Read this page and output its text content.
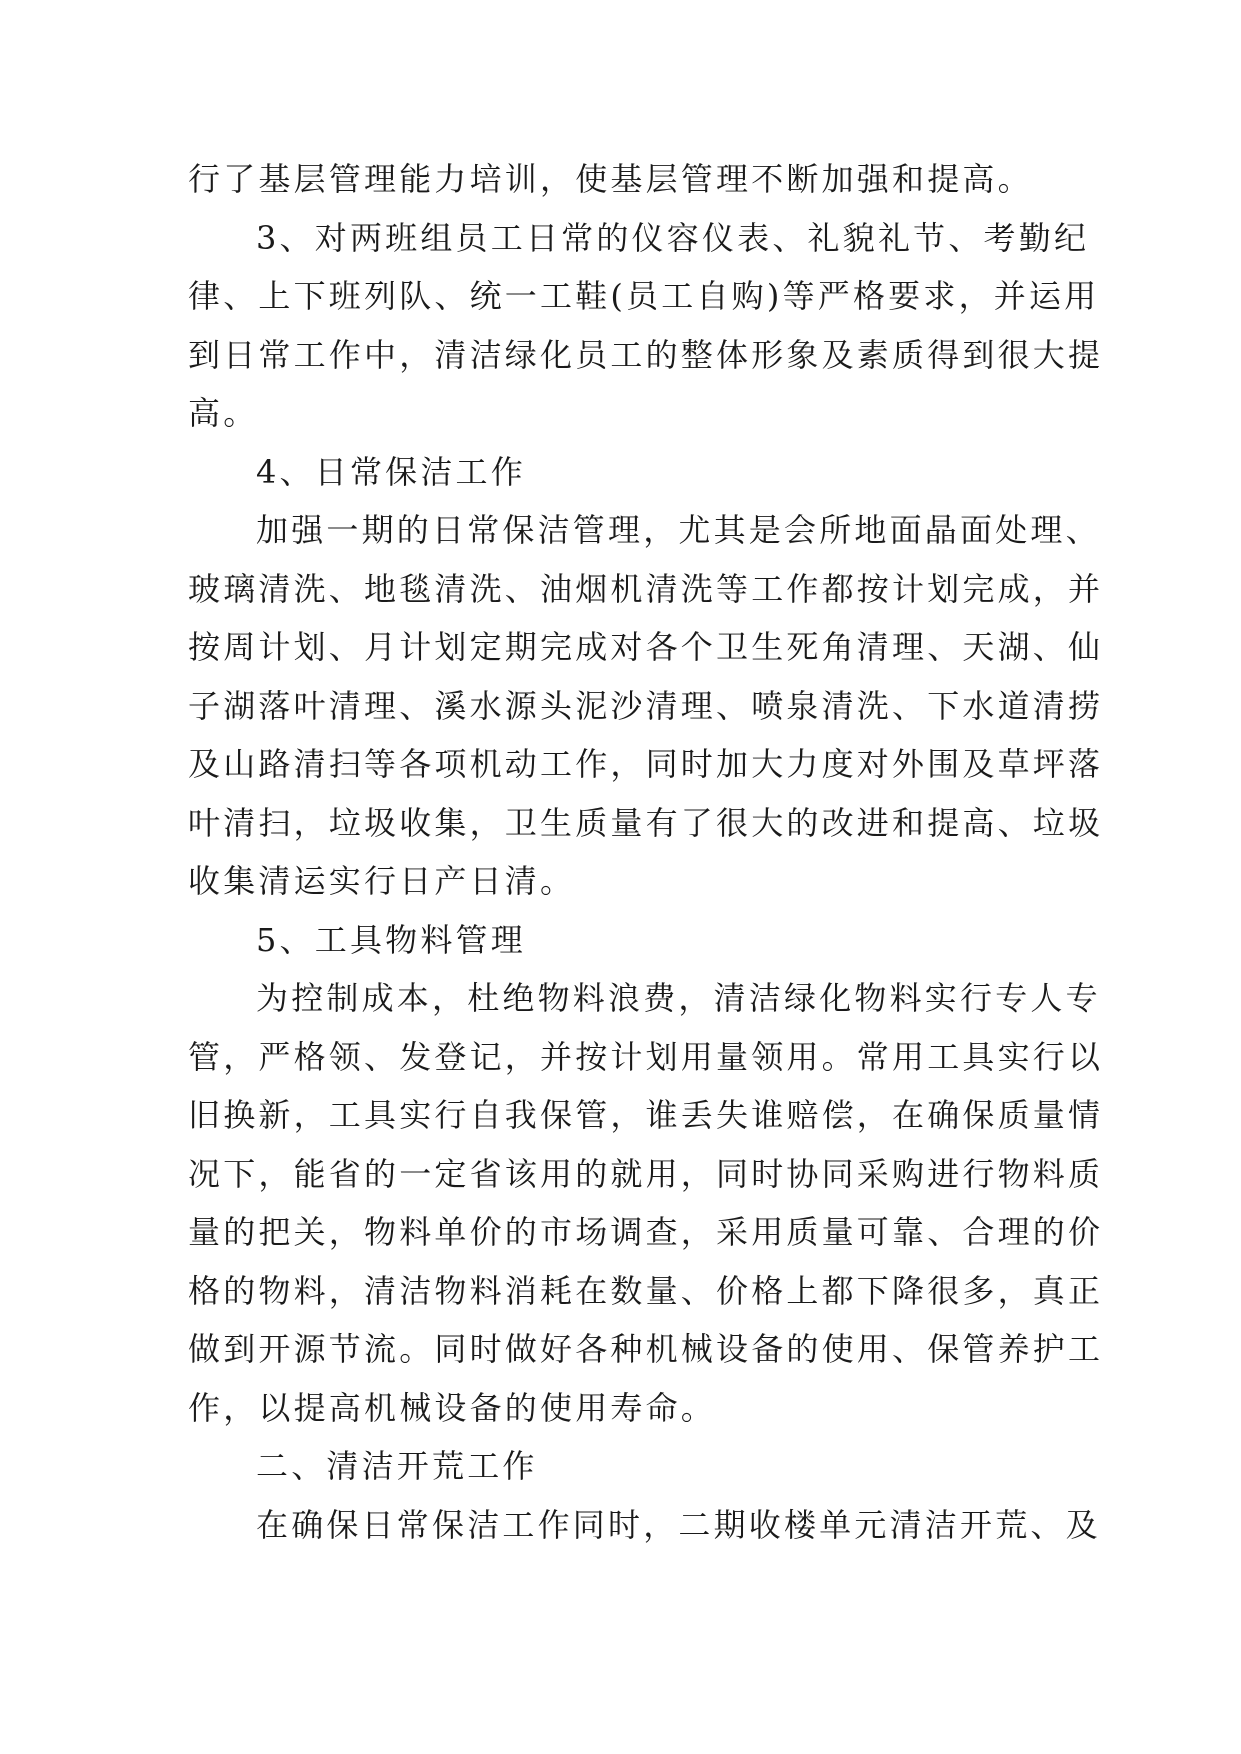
行了基层管理能力培训，使基层管理不断加强和提高。
3、对两班组员工日常的仪容仪表、礼貌礼节、考勤纪
律、上下班列队、统一工鞋(员工自购)等严格要求，并运用
到日常工作中，清洁绿化员工的整体形象及素质得到很大提
高。
4、日常保洁工作
加强一期的日常保洁管理，尤其是会所地面晶面处理、
玻璃清洗、地毯清洗、油烟机清洗等工作都按计划完成，并
按周计划、月计划定期完成对各个卫生死角清理、天湖、仙
子湖落叶清理、溪水源头泥沙清理、喷泉清洗、下水道清捞
及山路清扫等各项机动工作，同时加大力度对外围及草坪落
叶清扫，垃圾收集，卫生质量有了很大的改进和提高、垃圾
收集清运实行日产日清。
5、工具物料管理
为控制成本，杜绝物料浪费，清洁绿化物料实行专人专
管，严格领、发登记，并按计划用量领用。常用工具实行以
旧换新，工具实行自我保管，谁丢失谁赔偿，在确保质量情
况下，能省的一定省该用的就用，同时协同采购进行物料质
量的把关，物料单价的市场调查，采用质量可靠、合理的价
格的物料，清洁物料消耗在数量、价格上都下降很多，真正
做到开源节流。同时做好各种机械设备的使用、保管养护工
作，以提高机械设备的使用寿命。
二、清洁开荒工作
在确保日常保洁工作同时，二期收楼单元清洁开荒、及
